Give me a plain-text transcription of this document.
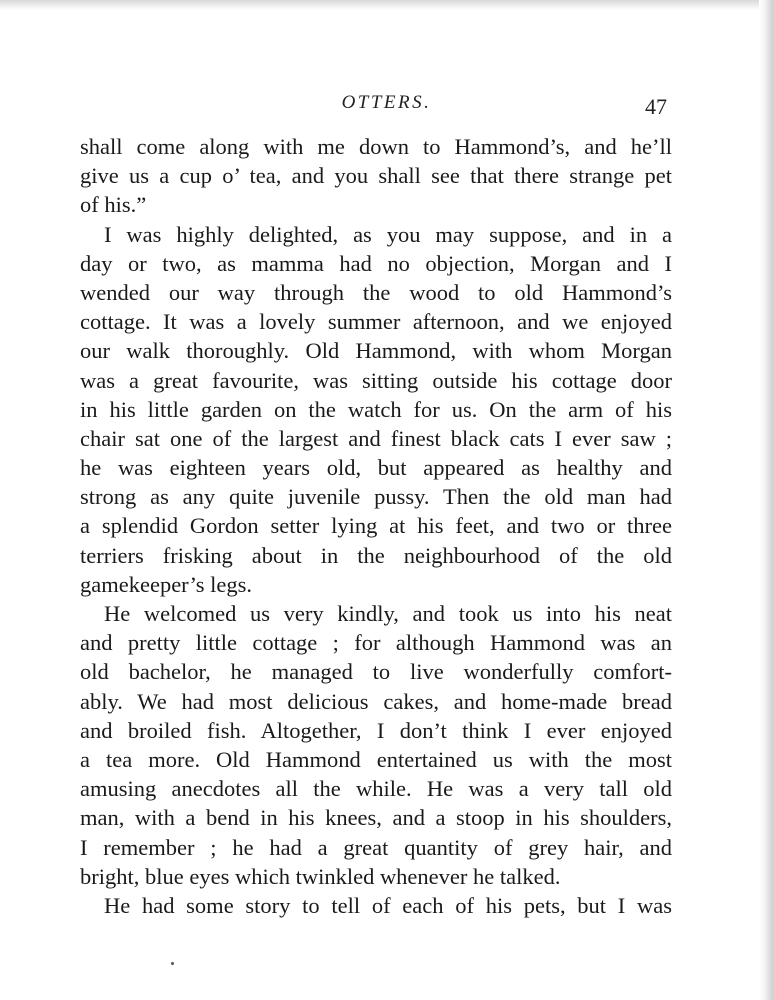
OTTERS.	47
shall come along with me down to Hammond’s, and he’ll
give us a cup o’ tea, and you shall see that there strange pet
of his.”
I was highly delighted, as you may suppose, and in a
day or two, as mamma had no objection, Morgan and I
wended our way through the wood to old Hammond’s
cottage. It was a lovely summer afternoon, and we enjoyed
our walk thoroughly. Old Hammond, with whom Morgan
was a great favourite, was sitting outside his cottage door
in his little garden on the watch for us. On the arm of his
chair sat one of the largest and finest black cats I ever saw ;
he was eighteen years old, but appeared as healthy and
strong as any quite juvenile pussy. Then the old man had
a splendid Gordon setter lying at his feet, and two or three
terriers frisking about in the neighbourhood of the old
gamekeeper’s legs.
He welcomed us very kindly, and took us into his neat
and pretty little cottage ; for although Hammond was an
old bachelor, he managed to live wonderfully comfort-
ably. We had most delicious cakes, and home-made bread
and broiled fish. Altogether, I don’t think I ever enjoyed
a tea more. Old Hammond entertained us with the most
amusing anecdotes all the while. He was a very tall old
man, with a bend in his knees, and a stoop in his shoulders,
I remember ; he had a great quantity of grey hair, and
bright, blue eyes which twinkled whenever he talked.
He had some story to tell of each of his pets, but I was
